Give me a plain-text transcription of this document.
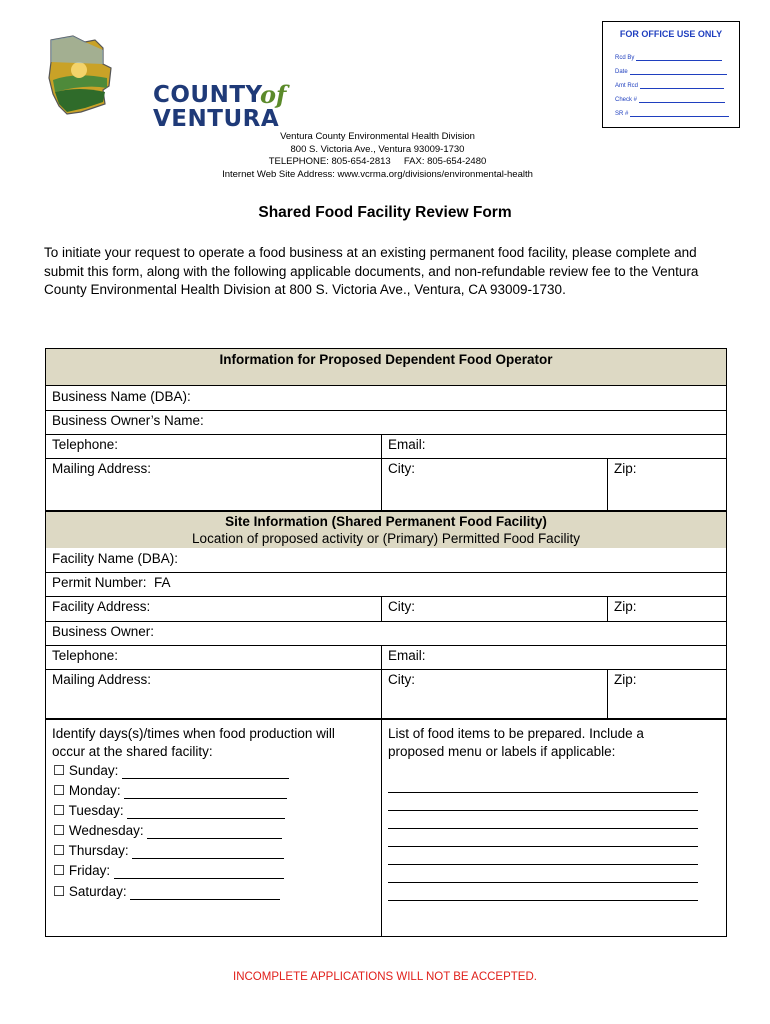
COUNTY
of
VENTURA
FOR OFFICE USE ONLY
Rcd By
Date
Amt Rcd
Check #
SR #
Ventura County Environmental Health Division
800 S. Victoria Ave., Ventura 93009-1730
TELEPHONE: 805-654-2813     FAX: 805-654-2480
Internet Web Site Address: www.vcrma.org/divisions/environmental-health
Shared Food Facility Review Form
To initiate your request to operate a food business at an existing permanent food facility, please complete and submit this form, along with the following applicable documents, and non-refundable review fee to the Ventura County Environmental Health Division at 800 S. Victoria Ave., Ventura, CA 93009-1730.
Information for Proposed Dependent Food Operator
Business Name (DBA):
Business Owner’s Name:
Telephone:	Email:
Mailing Address:	City:	Zip:
Site Information (Shared Permanent Food Facility)
Location of proposed activity or (Primary) Permitted Food Facility
Facility Name (DBA):
Permit Number:  FA
Facility Address:	City:	Zip:
Business Owner:
Telephone:	Email:
Mailing Address:	City:	Zip:
Identify days(s)/times when food production will
occur at the shared facility:
☐ Sunday:
☐ Monday:
☐ Tuesday:
☐ Wednesday:
☐ Thursday:
☐ Friday:
☐ Saturday:
List of food items to be prepared. Include a
proposed menu or labels if applicable:
INCOMPLETE APPLICATIONS WILL NOT BE ACCEPTED.
